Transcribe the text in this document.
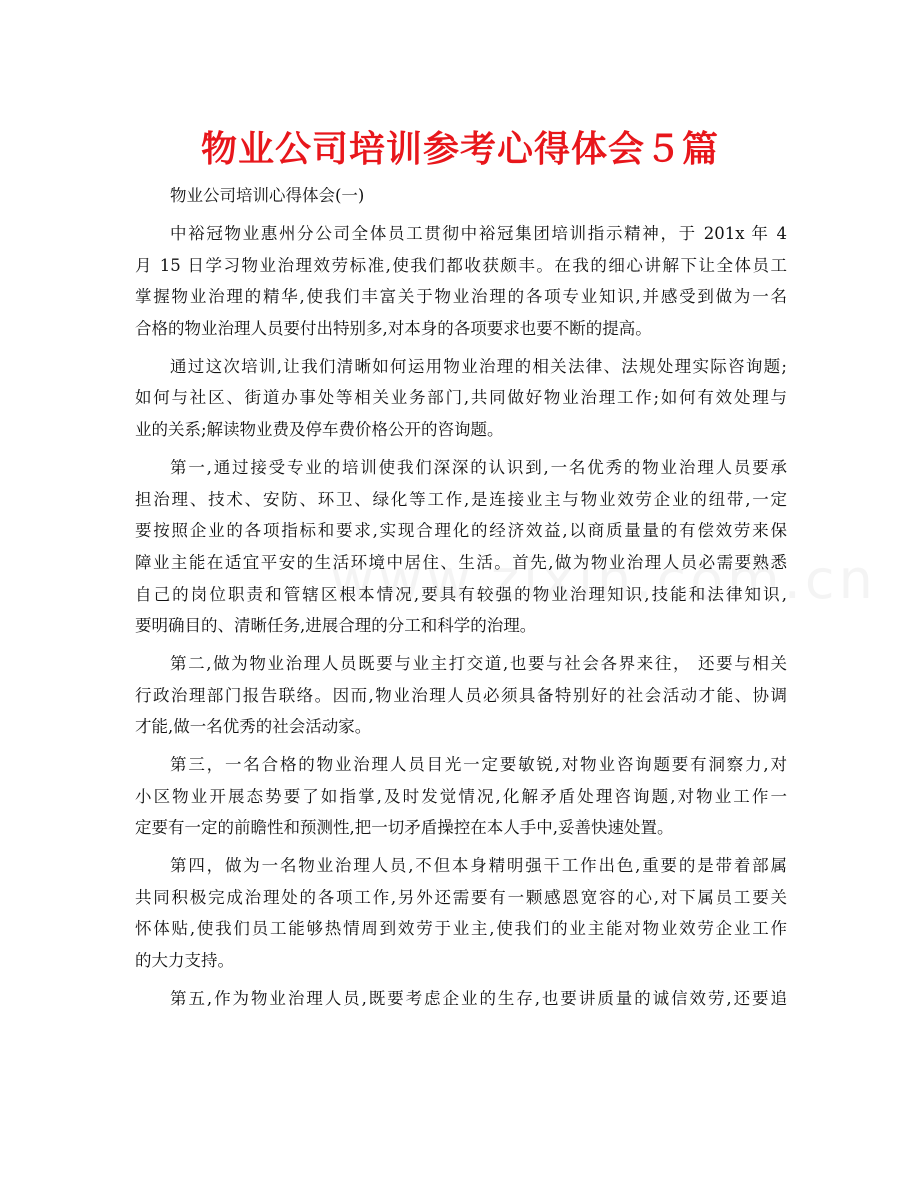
物业公司培训参考心得体会５篇
物业公司培训心得体会(一)
中裕冠物业惠州分公司全体员工贯彻中裕冠集团培训指示精神，于 201x 年 4
月 15 日学习物业治理效劳标准,使我们都收获颇丰。在我的细心讲解下让全体员工
掌握物业治理的精华,使我们丰富关于物业治理的各项专业知识,并感受到做为一名
合格的物业治理人员要付出特别多,对本身的各项要求也要不断的提高。
通过这次培训,让我们清晰如何运用物业治理的相关法律、法规处理实际咨询题;
如何与社区、街道办事处等相关业务部门,共同做好物业治理工作;如何有效处理与
业的关系;解读物业费及停车费价格公开的咨询题。
第一,通过接受专业的培训使我们深深的认识到,一名优秀的物业治理人员要承
担治理、技术、安防、环卫、绿化等工作,是连接业主与物业效劳企业的纽带,一定
要按照企业的各项指标和要求,实现合理化的经济效益,以商质量量的有偿效劳来保
障业主能在适宜平安的生活环境中居住、生活。首先,做为物业治理人员必需要熟悉
自己的岗位职责和管辖区根本情况,要具有较强的物业治理知识,技能和法律知识,
要明确目的、清晰任务,进展合理的分工和科学的治理。
第二,做为物业治理人员既要与业主打交道,也要与社会各界来往， 还要与相关
行政治理部门报告联络。因而,物业治理人员必须具备特别好的社会活动才能、协调
才能,做一名优秀的社会活动家。
第三，一名合格的物业治理人员目光一定要敏锐,对物业咨询题要有洞察力,对
小区物业开展态势要了如指掌,及时发觉情况,化解矛盾处理咨询题,对物业工作一
定要有一定的前瞻性和预测性,把一切矛盾操控在本人手中,妥善快速处置。
第四，做为一名物业治理人员,不但本身精明强干工作出色,重要的是带着部属
共同积极完成治理处的各项工作,另外还需要有一颗感恩宽容的心,对下属员工要关
怀体贴,使我们员工能够热情周到效劳于业主,使我们的业主能对物业效劳企业工作
的大力支持。
第五,作为物业治理人员,既要考虑企业的生存,也要讲质量的诚信效劳,还要追
